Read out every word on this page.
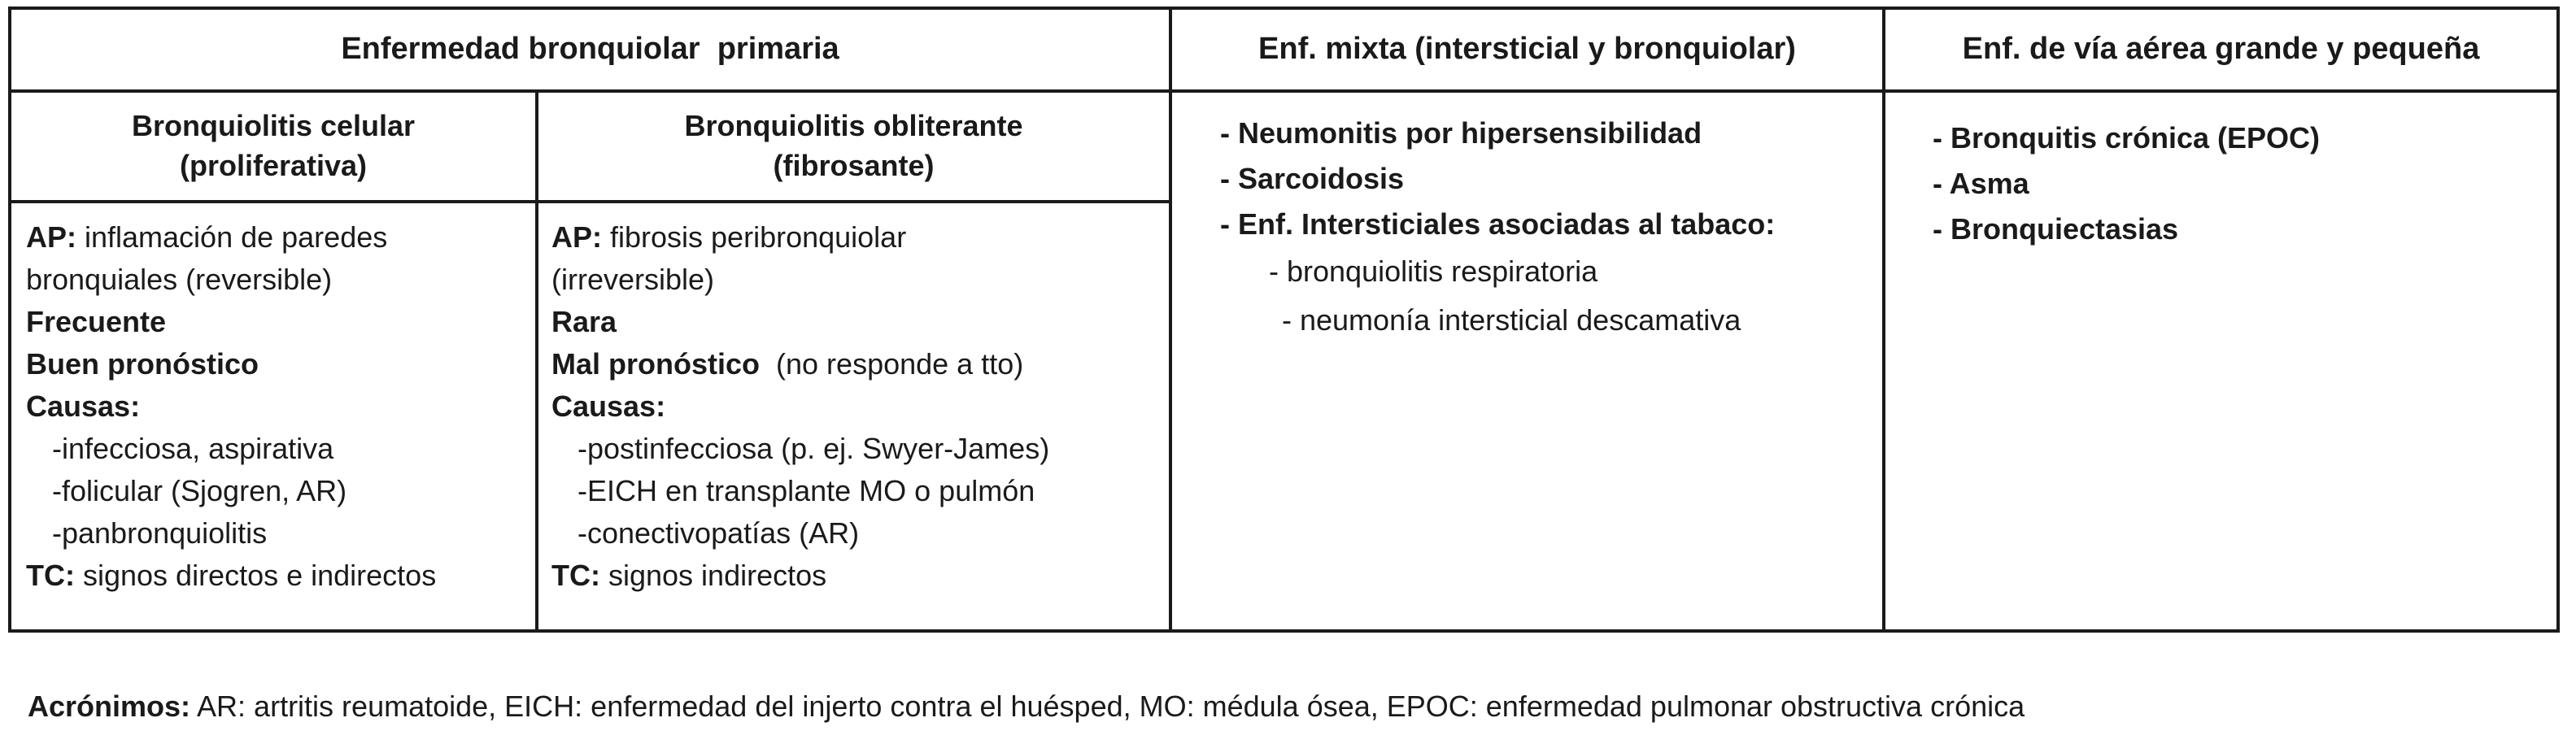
Enfermedad bronquiolar  primaria	Enf. mixta (intersticial y bronquiolar)	Enf. de vía aérea grande y pequeña
Bronquiolitis celular
(proliferativa)
Bronquiolitis obliterante
(fibrosante)
AP: inflamación de paredes
bronquiales (reversible)
Frecuente
Buen pronóstico
Causas:
-infecciosa, aspirativa
-folicular (Sjogren, AR)
-panbronquiolitis
TC: signos directos e indirectos
AP: fibrosis peribronquiolar
(irreversible)
Rara
Mal pronóstico  (no responde a tto)
Causas:
-postinfecciosa (p. ej. Swyer-James)
-EICH en transplante MO o pulmón
-conectivopatías (AR)
TC: signos indirectos
- Neumonitis por hipersensibilidad
- Sarcoidosis
- Enf. Intersticiales asociadas al tabaco:
- bronquiolitis respiratoria
- neumonía intersticial descamativa
- Bronquitis crónica (EPOC)
- Asma
- Bronquiectasias
Acrónimos: AR: artritis reumatoide, EICH: enfermedad del injerto contra el huésped, MO: médula ósea, EPOC: enfermedad pulmonar obstructiva crónica
